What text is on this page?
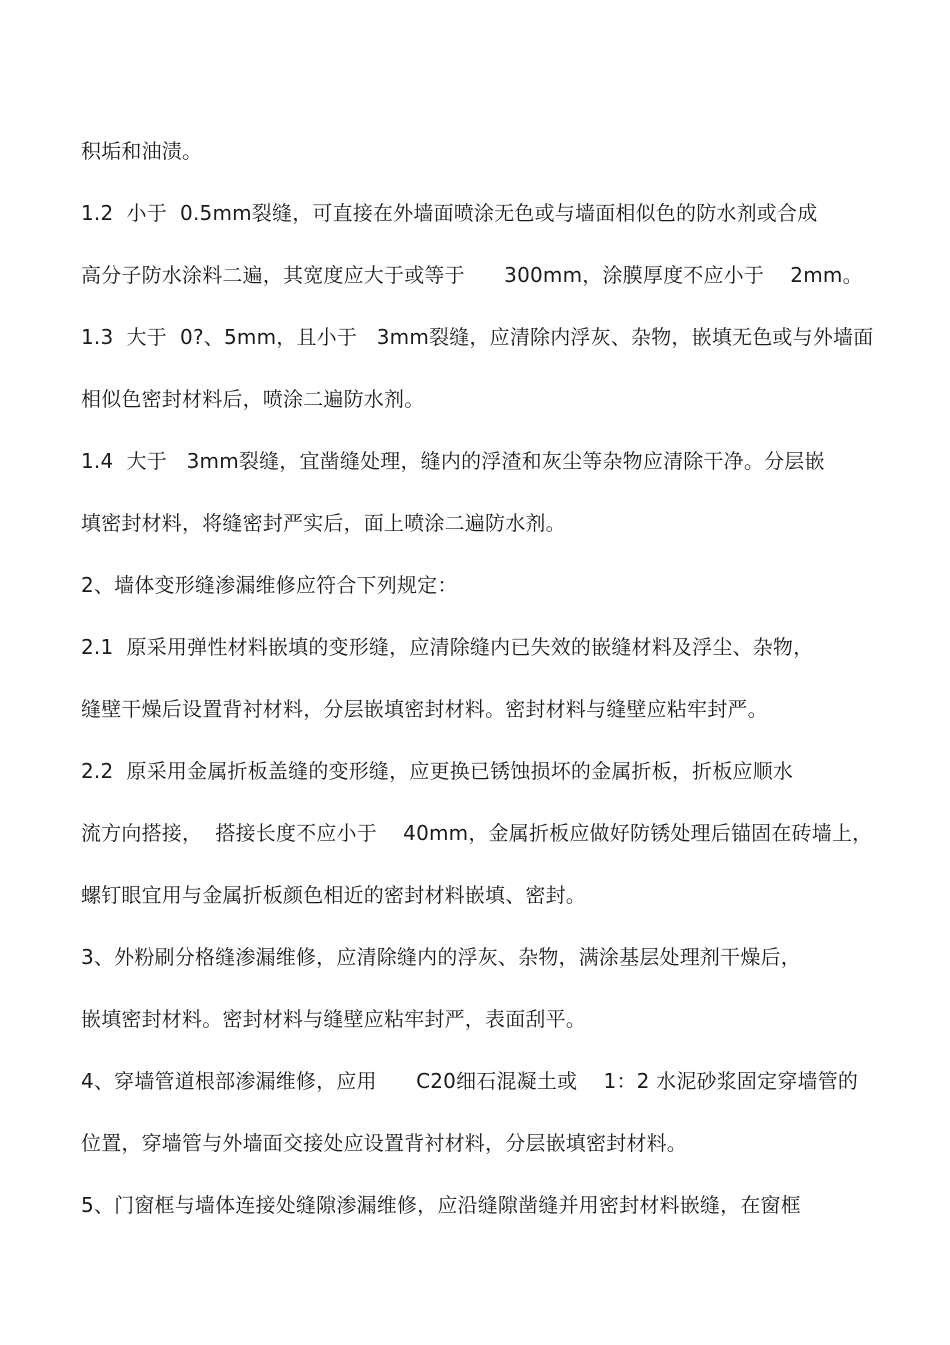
积垢和油渍。
1.2  小于  0.5mm裂缝，可直接在外墙面喷涂无色或与墙面相似色的防水剂或合成
高分子防水涂料二遍，其宽度应大于或等于      300mm，涂膜厚度不应小于    2mm。
1.3  大于  0?、5mm，且小于   3mm裂缝，应清除内浮灰、杂物，嵌填无色或与外墙面
相似色密封材料后，喷涂二遍防水剂。
1.4  大于   3mm裂缝，宜凿缝处理，缝内的浮渣和灰尘等杂物应清除干净。分层嵌
填密封材料，将缝密封严实后，面上喷涂二遍防水剂。
2、墙体变形缝渗漏维修应符合下列规定：
2.1  原采用弹性材料嵌填的变形缝，应清除缝内已失效的嵌缝材料及浮尘、杂物，
缝壁干燥后设置背衬材料，分层嵌填密封材料。密封材料与缝壁应粘牢封严。
2.2  原采用金属折板盖缝的变形缝，应更换已锈蚀损坏的金属折板，折板应顺水
流方向搭接，  搭接长度不应小于    40mm，金属折板应做好防锈处理后锚固在砖墙上，
螺钉眼宜用与金属折板颜色相近的密封材料嵌填、密封。
3、外粉刷分格缝渗漏维修，应清除缝内的浮灰、杂物，满涂基层处理剂干燥后，
嵌填密封材料。密封材料与缝壁应粘牢封严，表面刮平。
4、穿墙管道根部渗漏维修，应用      C20细石混凝土或    1：2 水泥砂浆固定穿墙管的
位置，穿墙管与外墙面交接处应设置背衬材料，分层嵌填密封材料。
5、门窗框与墙体连接处缝隙渗漏维修，应沿缝隙凿缝并用密封材料嵌缝，在窗框
